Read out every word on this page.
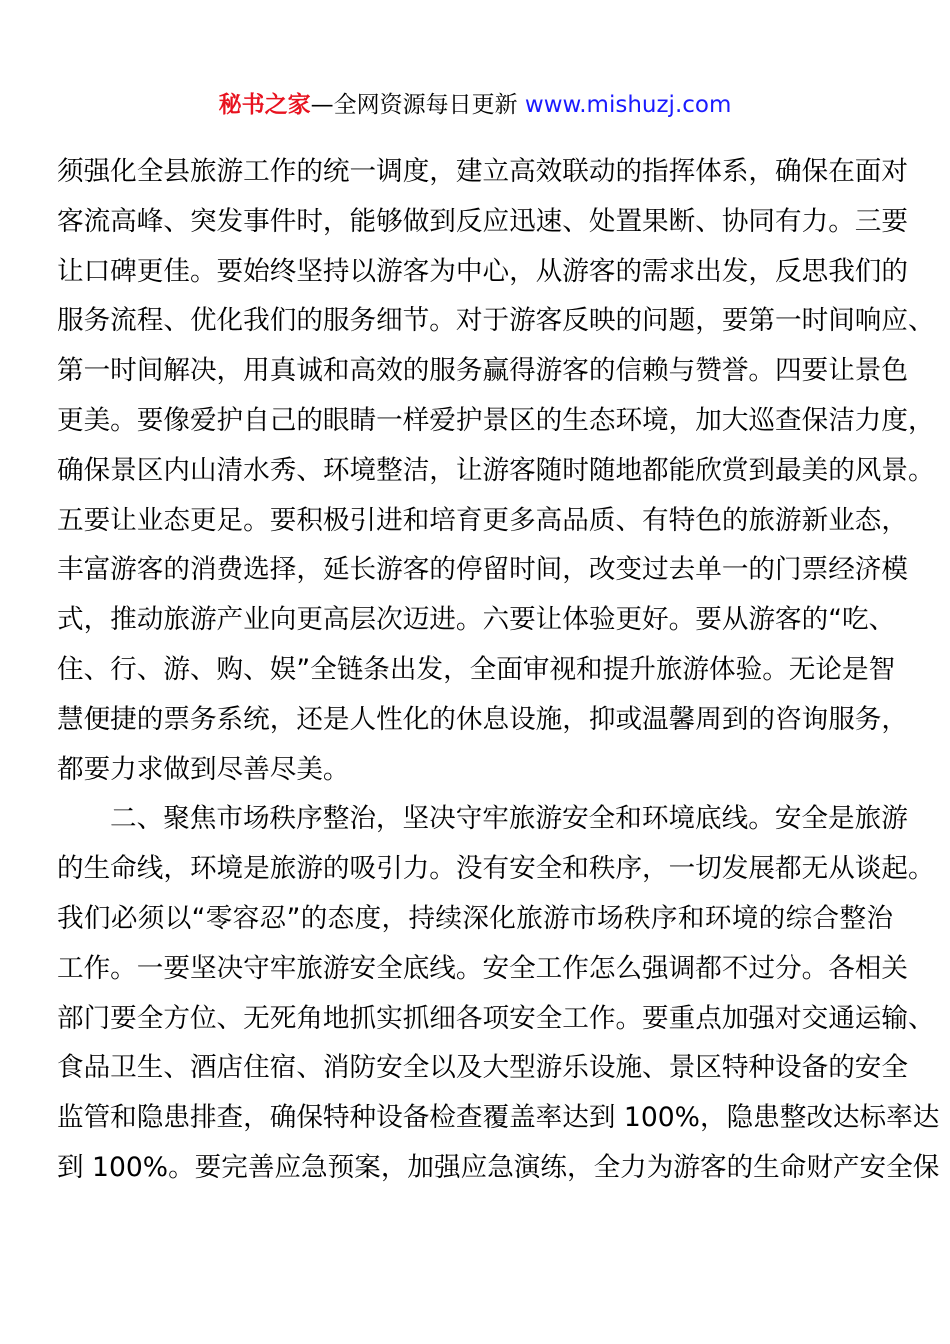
秘书之家—全网资源每日更新 www.mishuzj.com
须强化全县旅游工作的统一调度，建立高效联动的指挥体系，确保在面对
客流高峰、突发事件时，能够做到反应迅速、处置果断、协同有力。三要
让口碑更佳。要始终坚持以游客为中心，从游客的需求出发，反思我们的
服务流程、优化我们的服务细节。对于游客反映的问题，要第一时间响应、
第一时间解决，用真诚和高效的服务赢得游客的信赖与赞誉。四要让景色
更美。要像爱护自己的眼睛一样爱护景区的生态环境，加大巡查保洁力度，
确保景区内山清水秀、环境整洁，让游客随时随地都能欣赏到最美的风景。
五要让业态更足。要积极引进和培育更多高品质、有特色的旅游新业态，
丰富游客的消费选择，延长游客的停留时间，改变过去单一的门票经济模
式，推动旅游产业向更高层次迈进。六要让体验更好。要从游客的“吃、
住、行、游、购、娱”全链条出发，全面审视和提升旅游体验。无论是智
慧便捷的票务系统，还是人性化的休息设施，抑或温馨周到的咨询服务，
都要力求做到尽善尽美。
二、聚焦市场秩序整治，坚决守牢旅游安全和环境底线。安全是旅游
的生命线，环境是旅游的吸引力。没有安全和秩序，一切发展都无从谈起。
我们必须以“零容忍”的态度，持续深化旅游市场秩序和环境的综合整治
工作。一要坚决守牢旅游安全底线。安全工作怎么强调都不过分。各相关
部门要全方位、无死角地抓实抓细各项安全工作。要重点加强对交通运输、
食品卫生、酒店住宿、消防安全以及大型游乐设施、景区特种设备的安全
监管和隐患排查，确保特种设备检查覆盖率达到 100%，隐患整改达标率达
到 100%。要完善应急预案，加强应急演练，全力为游客的生命财产安全保
